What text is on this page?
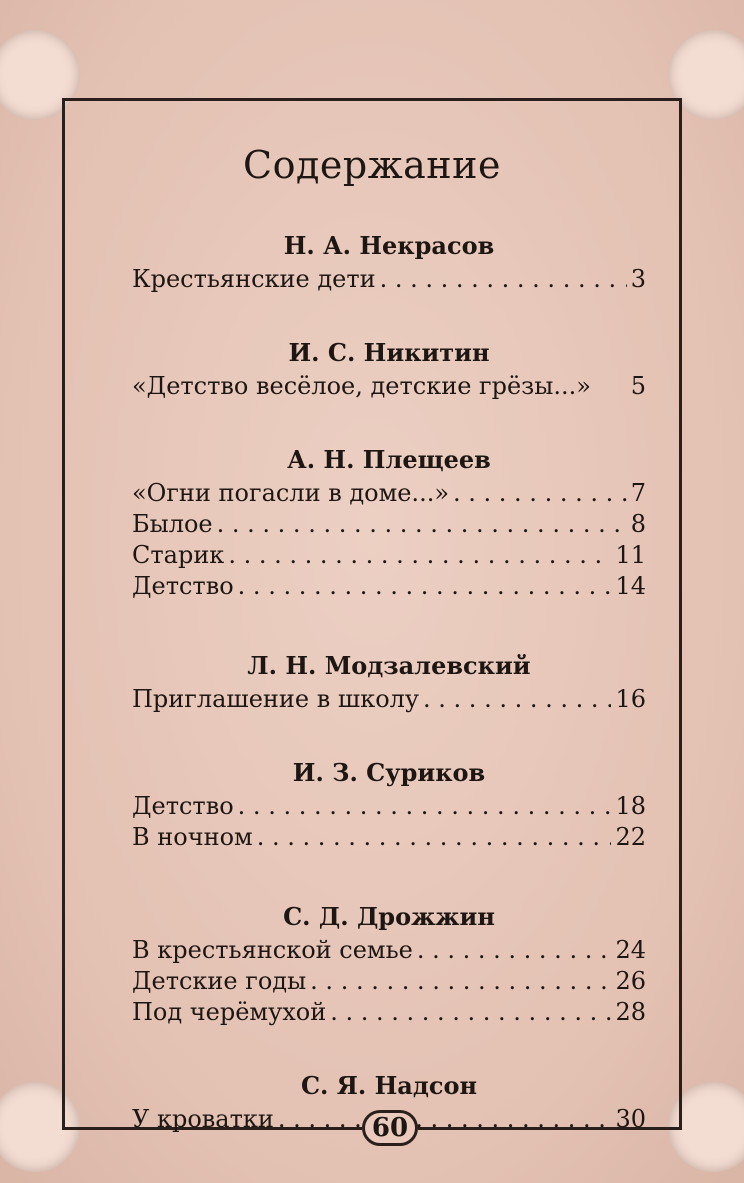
Содержание
Н. А. Некрасов
Крестьянские дети . . .	3
И. С. Никитин
«Детство весёлое, детские грёзы...» 5
А. Н. Плещеев
«Огни погасли в доме...» . . .	7
Былое . . .	8
Старик . . .	11
Детство . . .	14
Л. Н. Модзалевский
Приглашение в школу . . .	16
И. З. Суриков
Детство . . .	18
В ночном . . .	22
С. Д. Дрожжин
В крестьянской семье . . .	24
Детские годы . . .	26
Под черёмухой . . .	28
С. Я. Надсон
У кроватки . . .	30
60
